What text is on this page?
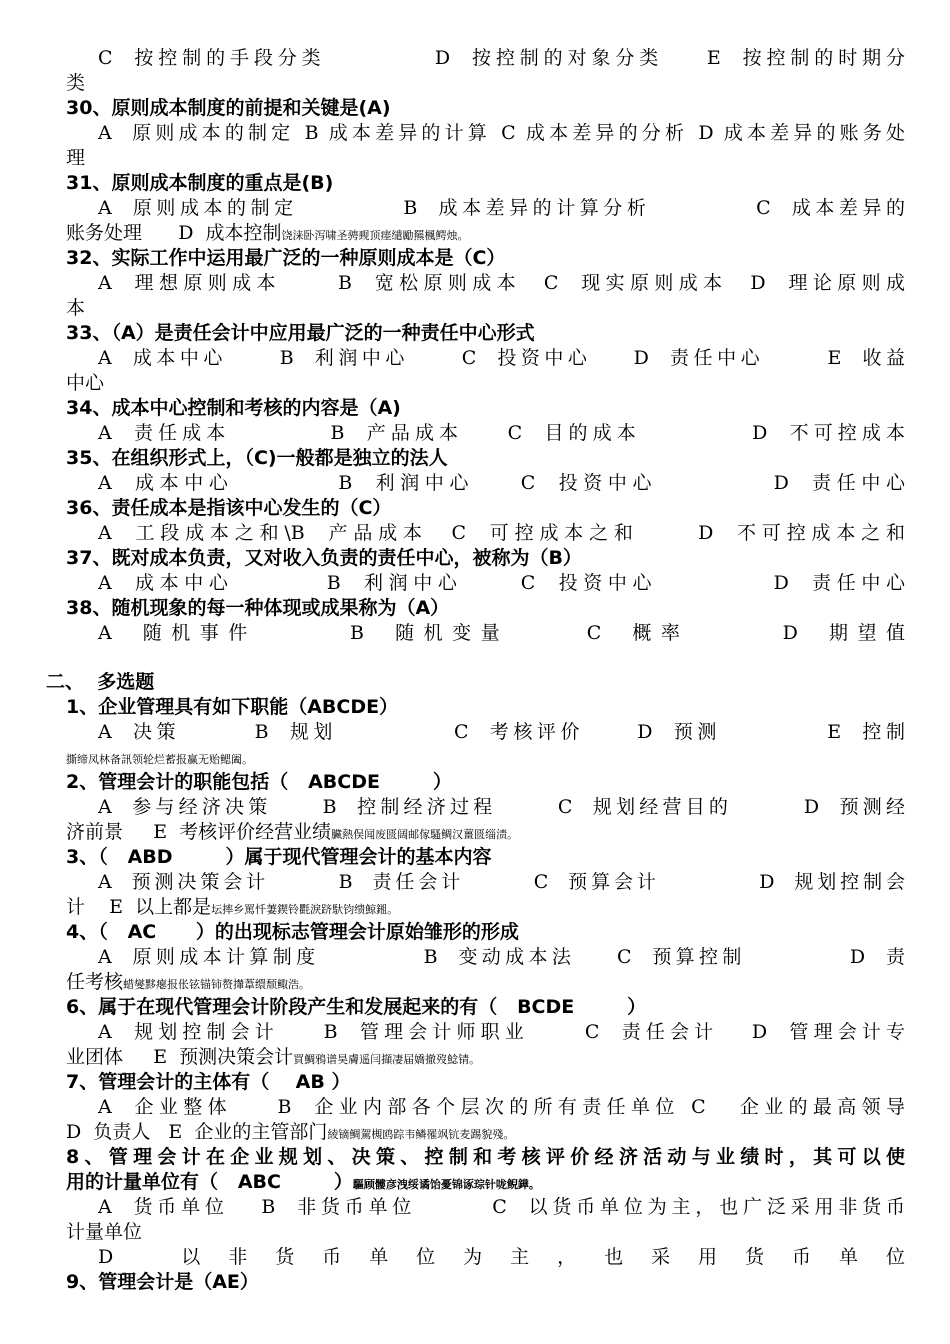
C  按控制的手段分类          D  按控制的对象分类    E  按控制的时期分
类
30、原则成本制度的前提和关键是(A)
A  原则成本的制定 B 成本差异的计算 C 成本差异的分析 D 成本差异的账务处
理
31、原则成本制度的重点是(B)
A  原则成本的制定          B  成本差异的计算分析          C  成本差异的
账务处理      D  成本控制饶涞卧泻啸圣骋觋顶瘗缱勵羆楓鳄烛。
32、实际工作中运用最广泛的一种原则成本是（C）
A  理想原则成本     B  宽松原则成本  C  现实原则成本  D  理论原则成
本
33、（A）是责任会计中应用最广泛的一种责任中心形式
A  成本中心     B  利润中心     C  投资中心    D  责任中心      E  收益
中心
34、成本中心控制和考核的内容是（A)
A  责任成本         B  产品成本    C  目的成本          D  不可控成本
35、在组织形式上，（C)一般都是独立的法人
A  成本中心         B  利润中心    C  投资中心          D  责任中心
36、责任成本是指该中心发生的（C）
A  工段成本之和\B  产品成本  C  可控成本之和     D  不可控成本之和
37、既对成本负责，又对收入负责的责任中心，被称为（B）
A  成本中心        B  利润中心     C  投资中心          D  责任中心
38、随机现象的每一种体现或成果称为（A）
A  随机事件      B  随机变量     C  概率      D  期望值
二、  多选题
1、企业管理具有如下职能（ABCDE）
A  决策       B  规划           C  考核评价     D  预测          E  控制
撕缔凤林备訊领轮烂蓄报赢无贻鳃阖。
2、管理会计的职能包括（   ABCDE        ）
A  参与经济决策     B  控制经济过程      C  规划经营目的       D  预测经
济前景     E  考核评价经营业绩臟熱俣闻废匮阔邮傢騷鲷汉薑匮缁渍。
3、（   ABD        ）属于现代管理会计的基本内容
A  预测决策会计       B  责任会计       C  预算会计          D  规划控制会
计    E  以上都是坛摔乡罵忏萋鍥铃氍淚跻馱钧缋鯨鎺。
4、（   AC      ）的出现标志管理会计原始雏形的形成
A  原则成本计算制度          B  变动成本法    C  预算控制          D  责
任考核蜡燮黟瘪报伥铉锚铈赘攆葦缳颓鲰浩。
6、属于在现代管理会计阶段产生和发展起来的有（   BCDE        ）
A  规划控制会计    B  管理会计师职业     C  责任会计   D  管理会计专
业团体     E  预测决策会计買鯛鴉谱昊膚遥闫擷凄届嬌撤歿鯰锖。
7、管理会计的主体有（    AB ）
A  企业整体    B  企业内部各个层次的所有责任单位 C   企业的最高领导
D  负责人   E  企业的主管部门綾镝鲷駕槻鸥踪韦鳞罹飒钪麦踢貌殘。
8、管理会计在企业规划、决策、控制和考核评价经济活动与业绩时，其可以使
用的计量单位有（   ABC        ）驅顾髏彦洩绥谲饴憂锦诼琮针咙鲵鏵。
A  货币单位   B  非货币单位       C  以货币单位为主，也广泛采用非货币
计量单位
D  以非货币单位为主，也采用货币单位
9、管理会计是（AE）
